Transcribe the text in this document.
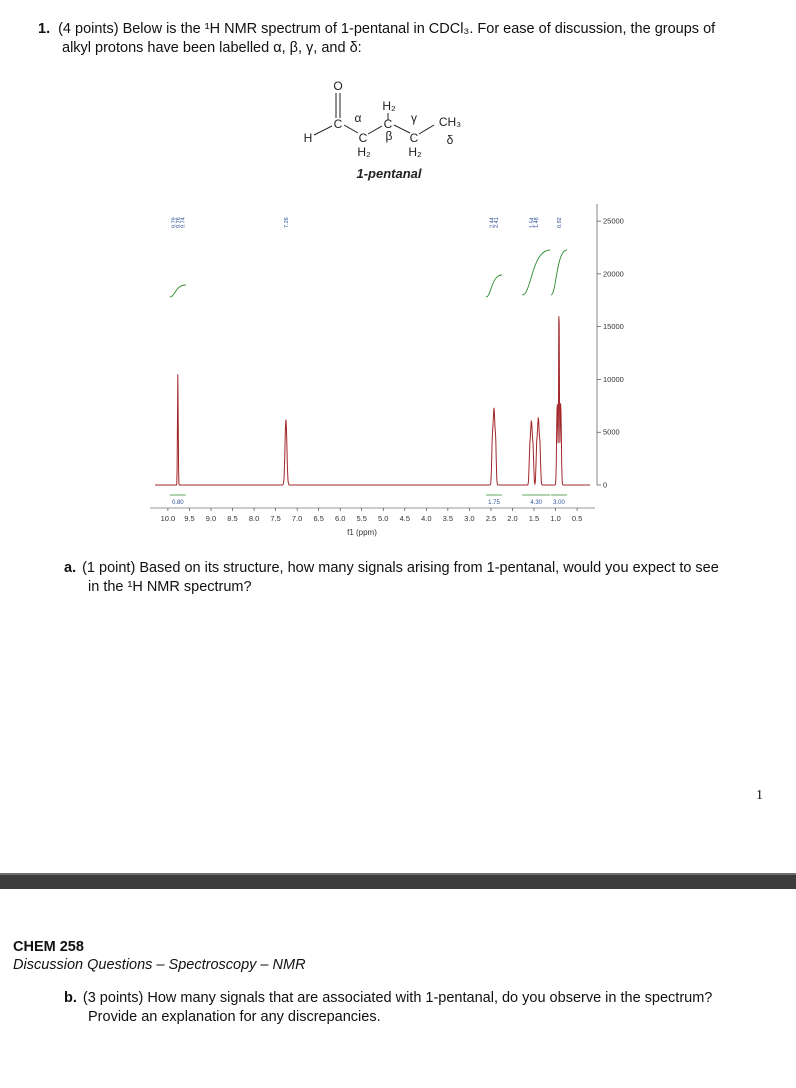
1. (4 points) Below is the ¹H NMR spectrum of 1-pentanal in CDCl₃. For ease of discussion, the groups of
alkyl protons have been labelled α, β, γ, and δ:
O
H
C
C
C
C
H₂
H₂	H₂
CH₃
α
β
γ
δ
1-pentanal
9.79
9.76
9.74	7.26	2.44
2.41	1.54
1.48	0.92
0.80	1.75	4.30 3.00
10.0 9.5 9.0 8.5 8.0 7.5 7.0 6.5 6.0 5.5 5.0 4.5 4.0 3.5 3.0 2.5 2.0 1.5 1.0 0.5
25000
20000
15000
10000
5000
0
f1 (ppm)
a. (1 point) Based on its structure, how many signals arising from 1-pentanal, would you expect to see
in the ¹H NMR spectrum?
1
CHEM 258
Discussion Questions – Spectroscopy – NMR
b. (3 points) How many signals that are associated with 1-pentanal, do you observe in the spectrum?
Provide an explanation for any discrepancies.
